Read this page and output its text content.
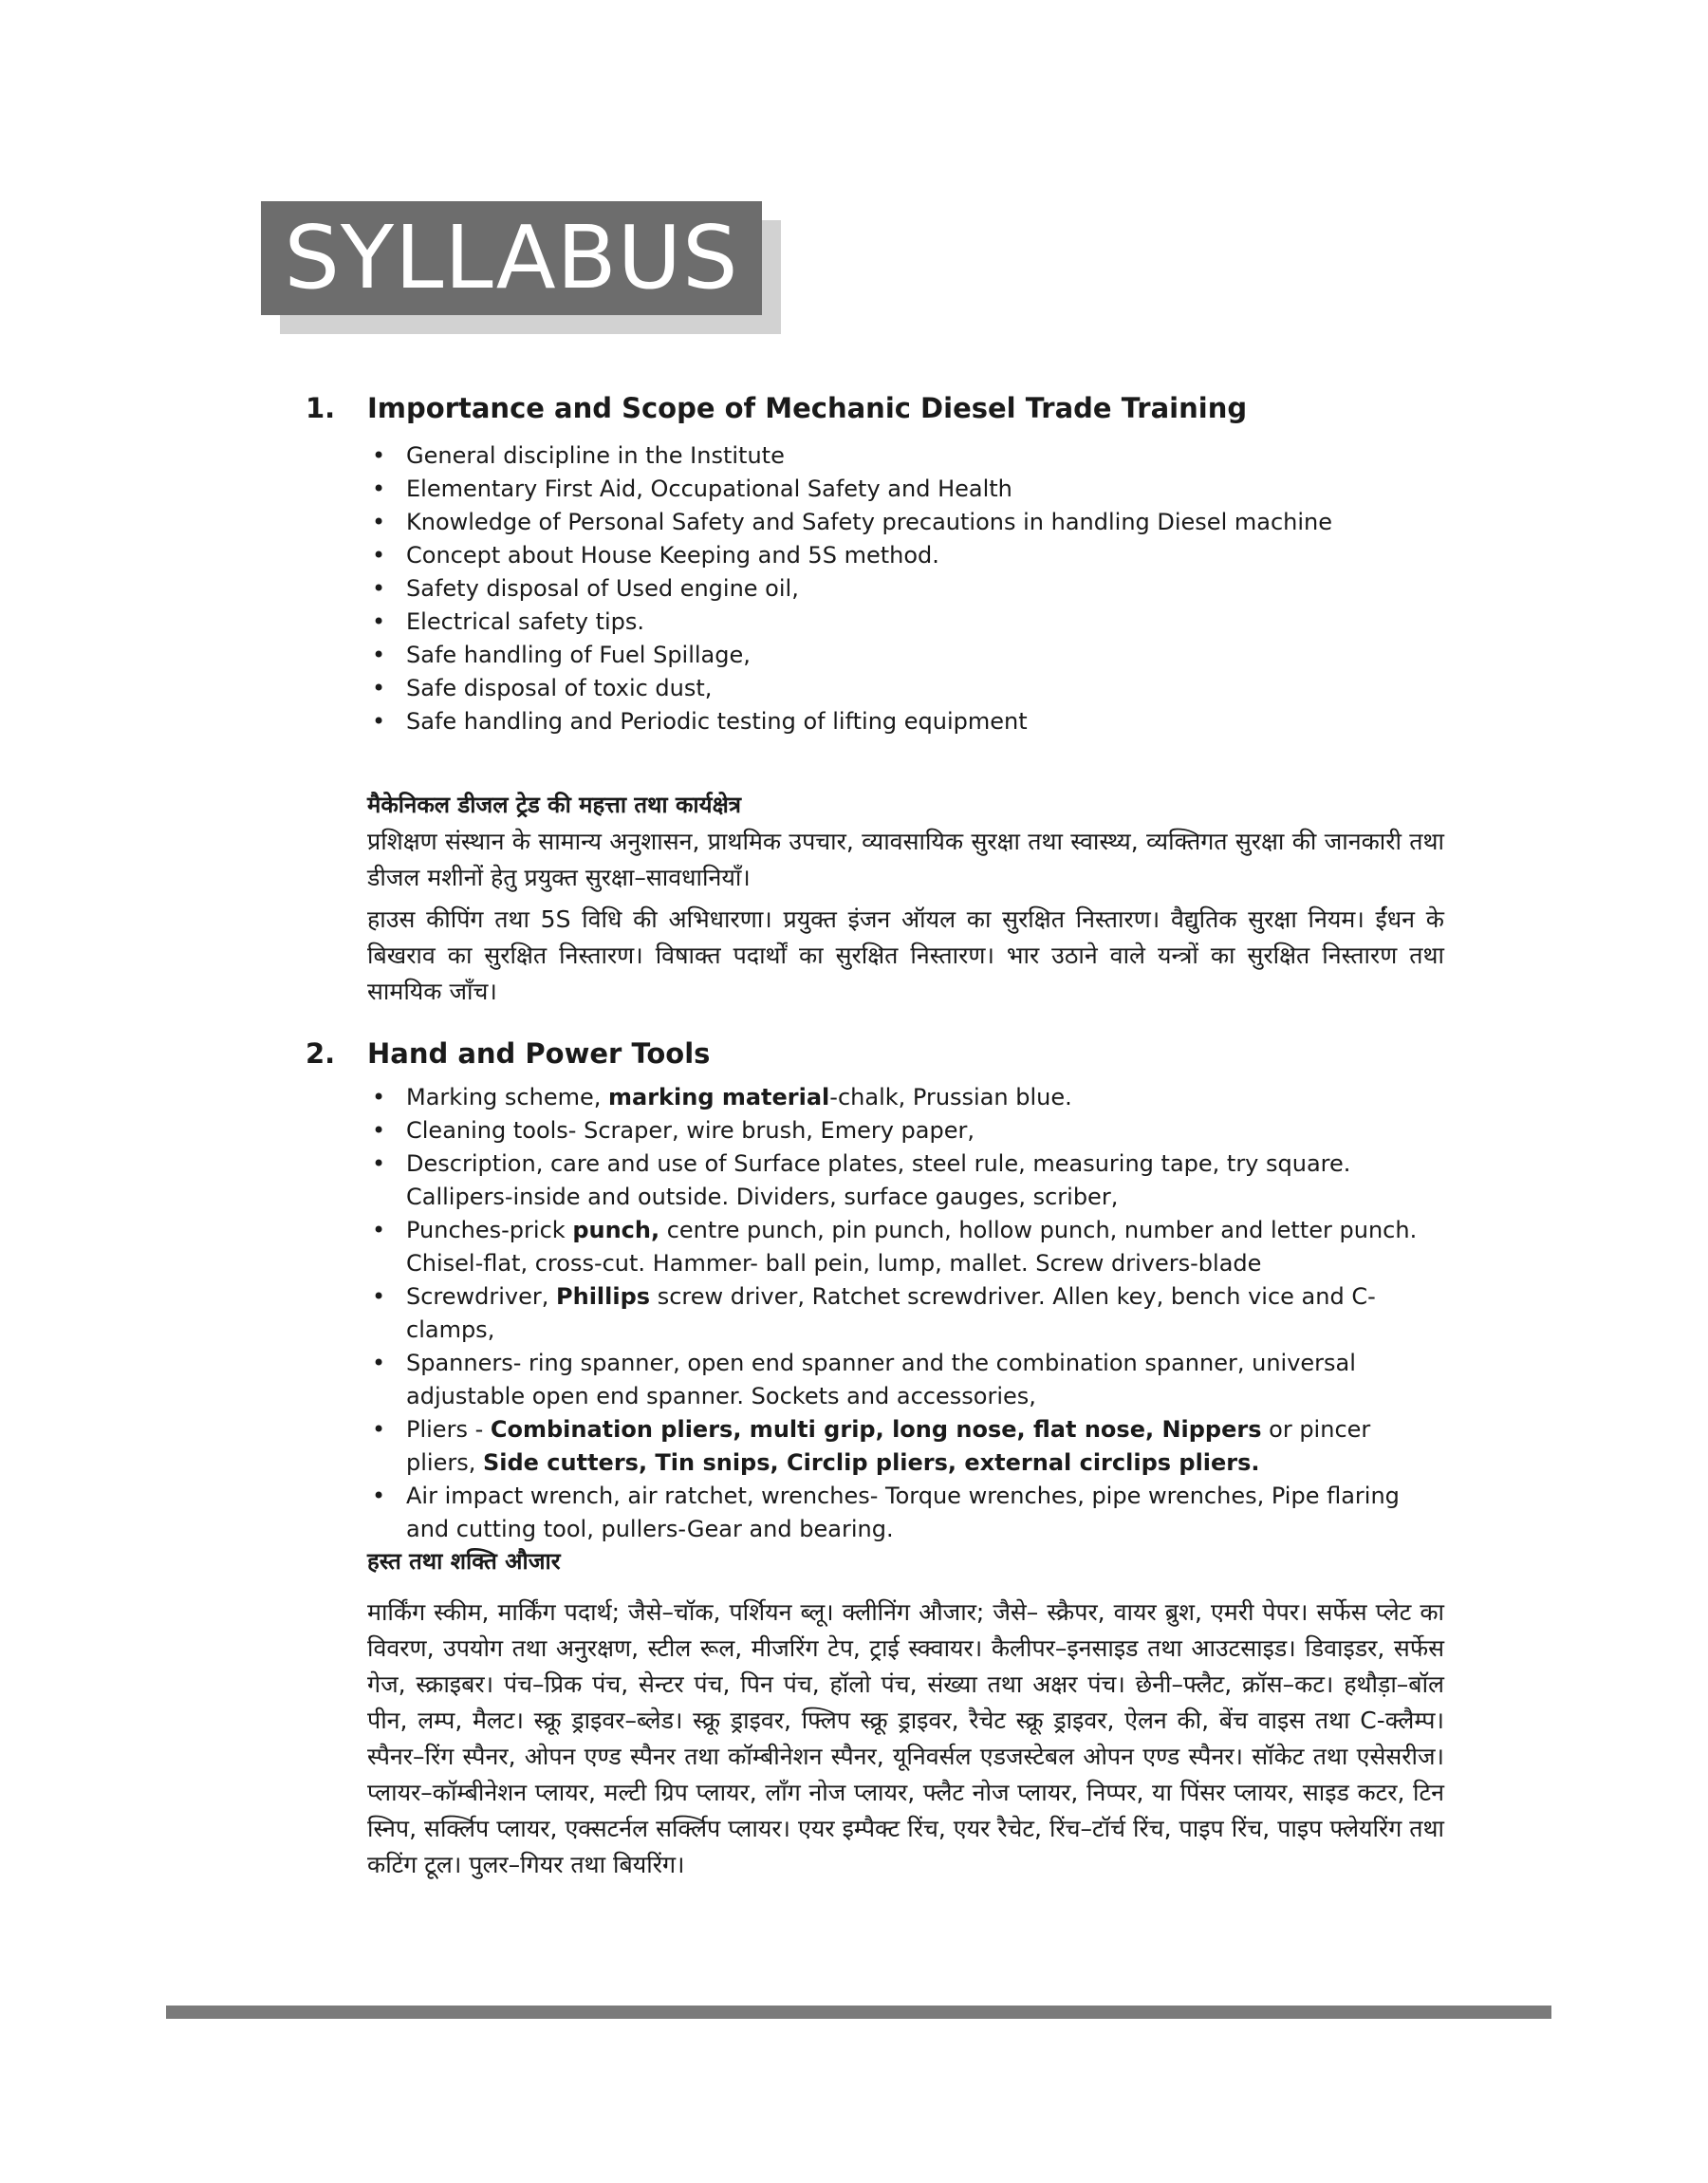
SYLLABUS
1. Importance and Scope of Mechanic Diesel Trade Training
• General discipline in the Institute
• Elementary First Aid, Occupational Safety and Health
• Knowledge of Personal Safety and Safety precautions in handling Diesel machine
• Concept about House Keeping and 5S method.
• Safety disposal of Used engine oil,
• Electrical safety tips.
• Safe handling of Fuel Spillage,
• Safe disposal of toxic dust,
• Safe handling and Periodic testing of lifting equipment
मैकेनिकल डीजल ट्रेड की महत्ता तथा कार्यक्षेत्र
प्रशिक्षण संस्थान के सामान्य अनुशासन, प्राथमिक उपचार, व्यावसायिक सुरक्षा तथा स्वास्थ्य, व्यक्तिगत सुरक्षा की जानकारी तथा डीजल मशीनों हेतु प्रयुक्त सुरक्षा–सावधानियाँ।
हाउस कीपिंग तथा 5S विधि की अभिधारणा। प्रयुक्त इंजन ऑयल का सुरक्षित निस्तारण। वैद्युतिक सुरक्षा नियम। ईंधन के बिखराव का सुरक्षित निस्तारण। विषाक्त पदार्थों का सुरक्षित निस्तारण। भार उठाने वाले यन्त्रों का सुरक्षित निस्तारण तथा सामयिक जाँच।
2. Hand and Power Tools
• Marking scheme, marking material-chalk, Prussian blue.
• Cleaning tools- Scraper, wire brush, Emery paper,
• Description, care and use of Surface plates, steel rule, measuring tape, try square. Callipers-inside and outside. Dividers, surface gauges, scriber,
• Punches-prick punch, centre punch, pin punch, hollow punch, number and letter punch. Chisel-flat, cross-cut. Hammer- ball pein, lump, mallet. Screw drivers-blade
• Screwdriver, Phillips screw driver, Ratchet screwdriver. Allen key, bench vice and C-clamps,
• Spanners- ring spanner, open end spanner and the combination spanner, universal adjustable open end spanner. Sockets and accessories,
• Pliers - Combination pliers, multi grip, long nose, flat nose, Nippers or pincer pliers, Side cutters, Tin snips, Circlip pliers, external circlips pliers.
• Air impact wrench, air ratchet, wrenches- Torque wrenches, pipe wrenches, Pipe flaring and cutting tool, pullers-Gear and bearing.
हस्त तथा शक्ति औजार
मार्किंग स्कीम, मार्किंग पदार्थ; जैसे–चॉक, पर्शियन ब्लू। क्लीनिंग औजार; जैसे– स्क्रैपर, वायर ब्रुश, एमरी पेपर। सर्फेस प्लेट का विवरण, उपयोग तथा अनुरक्षण, स्टील रूल, मीजरिंग टेप, ट्राई स्क्वायर। कैलीपर–इनसाइड तथा आउटसाइड। डिवाइडर, सर्फेस गेज, स्क्राइबर। पंच–प्रिक पंच, सेन्टर पंच, पिन पंच, हॉलो पंच, संख्या तथा अक्षर पंच। छेनी–फ्लैट, क्रॉस–कट। हथौड़ा–बॉल पीन, लम्प, मैलट। स्क्रू ड्राइवर–ब्लेड। स्क्रू ड्राइवर, फ्लिप स्क्रू ड्राइवर, रैचेट स्क्रू ड्राइवर, ऐलन की, बेंच वाइस तथा C-क्लैम्प। स्पैनर–रिंग स्पैनर, ओपन एण्ड स्पैनर तथा कॉम्बीनेशन स्पैनर, यूनिवर्सल एडजस्टेबल ओपन एण्ड स्पैनर। सॉकेट तथा एसेसरीज। प्लायर–कॉम्बीनेशन प्लायर, मल्टी ग्रिप प्लायर, लॉंग नोज प्लायर, फ्लैट नोज प्लायर, निप्पर, या पिंसर प्लायर, साइड कटर, टिन स्निप, सर्क्लिप प्लायर, एक्सटर्नल सर्क्लिप प्लायर। एयर इम्पैक्ट रिंच, एयर रैचेट, रिंच–टॉर्च रिंच, पाइप रिंच, पाइप फ्लेयरिंग तथा कटिंग टूल। पुलर–गियर तथा बियरिंग।
